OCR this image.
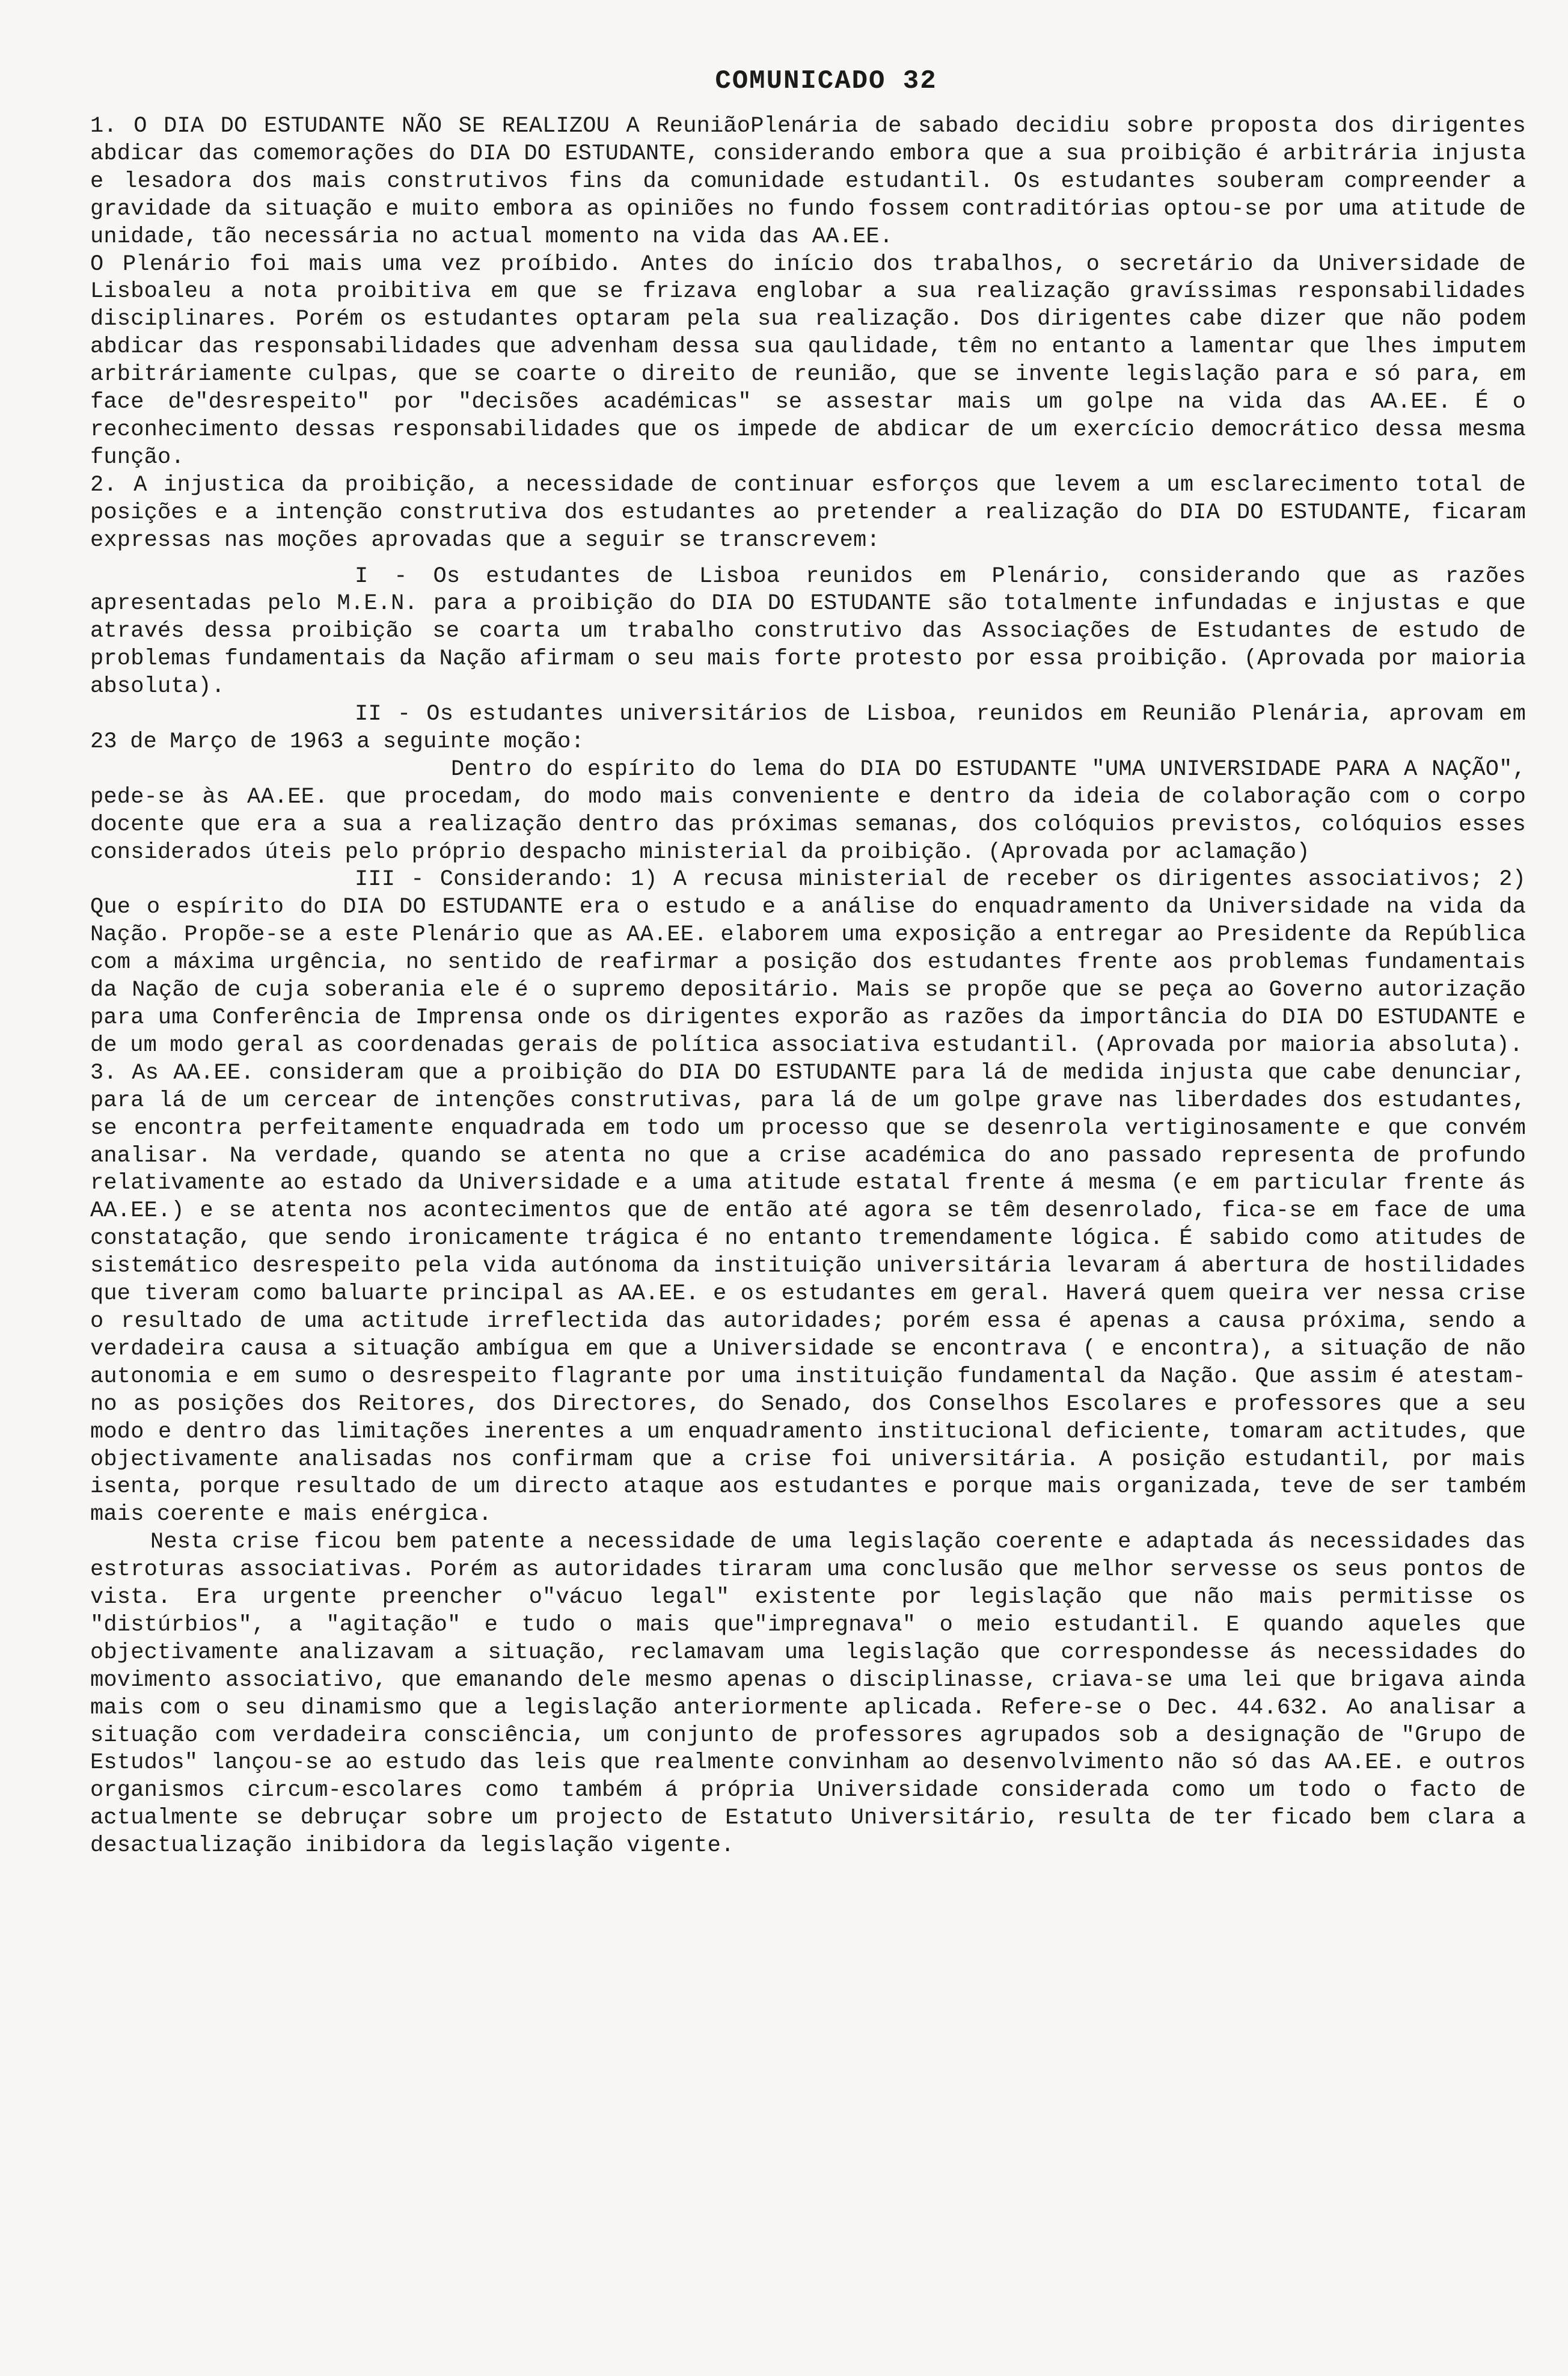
COMUNICADO 32

1. O DIA DO ESTUDANTE NÃO SE REALIZOU A ReuniãoPlenária de sabado decidiu sobre proposta dos dirigentes abdicar das comemorações do DIA DO ESTUDANTE, considerando embora que a sua proibição é arbitrária injusta e lesadora dos mais construtivos fins da comunidade estudantil. Os estudantes souberam compreender a gravidade da situação e muito embora as opiniões no fundo fossem contraditórias optou-se por uma atitude de unidade, tão necessária no actual momento na vida das AA.EE.

O Plenário foi mais uma vez proíbido. Antes do início dos trabalhos, o secretário da Universidade de Lisboaleu a nota proibitiva em que se frizava englobar a sua realização gravíssimas responsabilidades disciplinares. Porém os estudantes optaram pela sua realização. Dos dirigentes cabe dizer que não podem abdicar das responsabilidades que advenham dessa sua qaulidade, têm no entanto a lamentar que lhes imputem arbitráriamente culpas, que se coarte o direito de reunião, que se invente legislação para e só para, em face de"desrespeito" por "decisões académicas" se assestar mais um golpe na vida das AA.EE. É o reconhecimento dessas responsabilidades que os impede de abdicar de um exercício democrático dessa mesma função.

2. A injustica da proibição, a necessidade de continuar esforços que levem a um esclarecimento total de posições e a intenção construtiva dos estudantes ao pretender a realização do DIA DO ESTUDANTE, ficaram expressas nas moções aprovadas que a seguir se transcrevem:

I - Os estudantes de Lisboa reunidos em Plenário, considerando que as razões apresentadas pelo M.E.N. para a proibição do DIA DO ESTUDANTE são totalmente infundadas e injustas e que através dessa proibição se coarta um trabalho construtivo das Associações de Estudantes de estudo de problemas fundamentais da Nação afirmam o seu mais forte protesto por essa proibição. (Aprovada por maioria absoluta).

II - Os estudantes universitários de Lisboa, reunidos em Reunião Plenária, aprovam em 23 de Março de 1963 a seguinte moção:

Dentro do espírito do lema do DIA DO ESTUDANTE "UMA UNIVERSIDADE PARA A NAÇÃO", pede-se às AA.EE. que procedam, do modo mais conveniente e dentro da ideia de colaboração com o corpo docente que era a sua a realização dentro das próximas semanas, dos colóquios previstos, colóquios esses considerados úteis pelo próprio despacho ministerial da proibição. (Aprovada por aclamação)

III - Considerando: 1) A recusa ministerial de receber os dirigentes associativos; 2) Que o espírito do DIA DO ESTUDANTE era o estudo e a análise do enquadramento da Universidade na vida da Nação. Propõe-se a este Plenário que as AA.EE. elaborem uma exposição a entregar ao Presidente da República com a máxima urgência, no sentido de reafirmar a posição dos estudantes frente aos problemas fundamentais da Nação de cuja soberania ele é o supremo depositário. Mais se propõe que se peça ao Governo autorização para uma Conferência de Imprensa onde os dirigentes exporão as razões da importância do DIA DO ESTUDANTE e de um modo geral as coordenadas gerais de política associativa estudantil. (Aprovada por maioria absoluta).

3. As AA.EE. consideram que a proibição do DIA DO ESTUDANTE para lá de medida injusta que cabe denunciar, para lá de um cercear de intenções construtivas, para lá de um golpe grave nas liberdades dos estudantes, se encontra perfeitamente enquadrada em todo um processo que se desenrola vertiginosamente e que convém analisar. Na verdade, quando se atenta no que a crise académica do ano passado representa de profundo relativamente ao estado da Universidade e a uma atitude estatal frente á mesma (e em particular frente ás AA.EE.) e se atenta nos acontecimentos que de então até agora se têm desenrolado, fica-se em face de uma constatação, que sendo ironicamente trágica é no entanto tremendamente lógica. É sabido como atitudes de sistemático desrespeito pela vida autónoma da instituição universitária levaram á abertura de hostilidades que tiveram como baluarte principal as AA.EE. e os estudantes em geral. Haverá quem queira ver nessa crise o resultado de uma actitude irreflectida das autoridades; porém essa é apenas a causa próxima, sendo a verdadeira causa a situação ambígua em que a Universidade se encontrava ( e encontra), a situação de não autonomia e em sumo o desrespeito flagrante por uma instituição fundamental da Nação. Que assim é atestam-no as posições dos Reitores, dos Directores, do Senado, dos Conselhos Escolares e professores que a seu modo e dentro das limitações inerentes a um enquadramento institucional deficiente, tomaram actitudes, que objectivamente analisadas nos confirmam que a crise foi universitária. A posição estudantil, por mais isenta, porque resultado de um directo ataque aos estudantes e porque mais organizada, teve de ser também mais coerente e mais enérgica.

Nesta crise ficou bem patente a necessidade de uma legislação coerente e adaptada ás necessidades das estroturas associativas. Porém as autoridades tiraram uma conclusão que melhor servesse os seus pontos de vista. Era urgente preencher o"vácuo legal" existente por legislação que não mais permitisse os "distúrbios", a "agitação" e tudo o mais que"impregnava" o meio estudantil. E quando aqueles que objectivamente analizavam a situação, reclamavam uma legislação que correspondesse ás necessidades do movimento associativo, que emanando dele mesmo apenas o disciplinasse, criava-se uma lei que brigava ainda mais com o seu dinamismo que a legislação anteriormente aplicada. Refere-se o Dec. 44.632. Ao analisar a situação com verdadeira consciência, um conjunto de professores agrupados sob a designação de "Grupo de Estudos" lançou-se ao estudo das leis que realmente convinham ao desenvolvimento não só das AA.EE. e outros organismos circum-escolares como também á própria Universidade considerada como um todo o facto de actualmente se debruçar sobre um projecto de Estatuto Universitário, resulta de ter ficado bem clara a desactualização inibidora da legislação vigente.
